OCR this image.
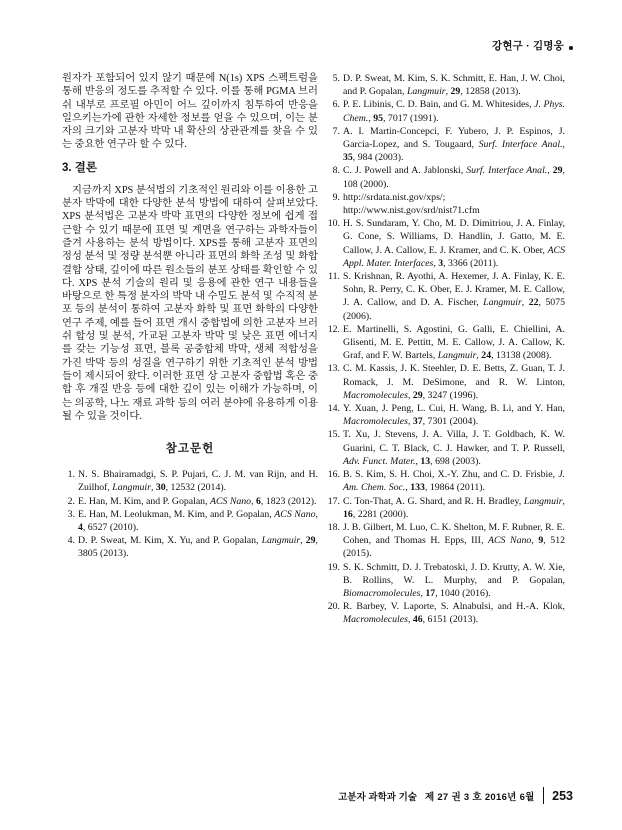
강현구 · 김명웅

원자가 포함되어 있지 않기 때문에 N(1s) XPS 스펙트럼을 통해 반응의 정도를 추적할 수 있다. 이를 통해 PGMA 브러쉬 내부로 프로필 아민이 어느 깊이까지 침투하여 반응을 일으키는가에 관한 자세한 정보를 얻을 수 있으며, 이는 분자의 크기와 고분자 박막 내 확산의 상관관계를 찾을 수 있는 중요한 연구라 할 수 있다.

3. 결론

지금까지 XPS 분석법의 기초적인 원리와 이를 이용한 고분자 박막에 대한 다양한 분석 방법에 대하여 살펴보았다. XPS 분석법은 고분자 박막 표면의 다양한 정보에 쉽게 접근할 수 있기 때문에 표면 및 계면을 연구하는 과학자들이 즐겨 사용하는 분석 방법이다. XPS를 통해 고분자 표면의 정성 분석 및 정량 분석뿐 아니라 표면의 화학 조성 및 화합 결합 상태, 깊이에 따른 원소들의 분포 상태를 확인할 수 있다. XPS 분석 기술의 원리 및 응용에 관한 연구 내용들을 바탕으로 한 특정 분자의 박막 내 수밀도 분석 및 수직적 분포 등의 분석이 통하여 고분자 화학 및 표면 화학의 다양한 연구 주제, 예를 들어 표면 개시 중합법에 의한 고분자 브러쉬 합성 및 분석, 가교된 고분자 박막 및 낮은 표면 에너지를 갖는 기능성 표면, 블록 공중합체 박막, 생체 적합성을 가진 박막 등의 성질을 연구하기 위한 기초적인 분석 방법들이 제시되어 왔다. 이러한 표면 상 고분자 중합법 혹은 중합 후 개질 반응 등에 대한 깊이 있는 이해가 가능하며, 이는 의공학, 나노 재료 과학 등의 여러 분야에 유용하게 이용될 수 있을 것이다.

참고문헌
1. N. S. Bhairamadgi, S. P. Pujari, C. J. M. van Rijn, and H. Zuilhof, Langmuir, 30, 12532 (2014).
2. E. Han, M. Kim, and P. Gopalan, ACS Nano, 6, 1823 (2012).
3. E. Han, M. Leolukman, M. Kim, and P. Gopalan, ACS Nano, 4, 6527 (2010).
4. D. P. Sweat, M. Kim, X. Yu, and P. Gopalan, Langmuir, 29, 3805 (2013).
5. D. P. Sweat, M. Kim, S. K. Schmitt, E. Han, J. W. Choi, and P. Gopalan, Langmuir, 29, 12858 (2013).
6. P. E. Libinis, C. D. Bain, and G. M. Whitesides, J. Phys. Chem., 95, 7017 (1991).
7. A. I. Martin-Concepci, F. Yubero, J. P. Espinos, J. Garcia-Lopez, and S. Tougaard, Surf. Interface Anal., 35, 984 (2003).
8. C. J. Powell and A. Jablonski, Surf. Interface Anal., 29, 108 (2000).
9. http://srdata.nist.gov/xps/; http://www.nist.gov/srd/nist71.cfm
10. H. S. Sundaram, Y. Cho, M. D. Dimitriou, J. A. Finlay, G. Cone, S. Williams, D. Handlin, J. Gatto, M. E. Callow, J. A. Callow, E. J. Kramer, and C. K. Ober, ACS Appl. Mater. Interfaces, 3, 3366 (2011).
11. S. Krishnan, R. Ayothi, A. Hexemer, J. A. Finlay, K. E. Sohn, R. Perry, C. K. Ober, E. J. Kramer, M. E. Callow, J. A. Callow, and D. A. Fischer, Langmuir, 22, 5075 (2006).
12. E. Martinelli, S. Agostini, G. Galli, E. Chiellini, A. Glisenti, M. E. Pettitt, M. E. Callow, J. A. Callow, K. Graf, and F. W. Bartels, Langmuir, 24, 13138 (2008).
13. C. M. Kassis, J. K. Steehler, D. E. Betts, Z. Guan, T. J. Romack, J. M. DeSimone, and R. W. Linton, Macromolecules, 29, 3247 (1996).
14. Y. Xuan, J. Peng, L. Cui, H. Wang, B. Li, and Y. Han, Macromolecules, 37, 7301 (2004).
15. T. Xu, J. Stevens, J. A. Villa, J. T. Goldbach, K. W. Guarini, C. T. Black, C. J. Hawker, and T. P. Russell, Adv. Funct. Mater., 13, 698 (2003).
16. B. S. Kim, S. H. Choi, X.-Y. Zhu, and C. D. Frisbie, J. Am. Chem. Soc., 133, 19864 (2011).
17. C. Ton-That, A. G. Shard, and R. H. Bradley, Langmuir, 16, 2281 (2000).
18. J. B. Gilbert, M. Luo, C. K. Shelton, M. F. Rubner, R. E. Cohen, and Thomas H. Epps, III, ACS Nano, 9, 512 (2015).
19. S. K. Schmitt, D. J. Trebatoski, J. D. Krutty, A. W. Xie, B. Rollins, W. L. Murphy, and P. Gopalan, Biomacromolecules, 17, 1040 (2016).
20. R. Barbey, V. Laporte, S. Alnabulsi, and H.-A. Klok, Macromolecules, 46, 6151 (2013).
고분자 과학과 기술 제 27 권 3 호 2016년 6월 253
